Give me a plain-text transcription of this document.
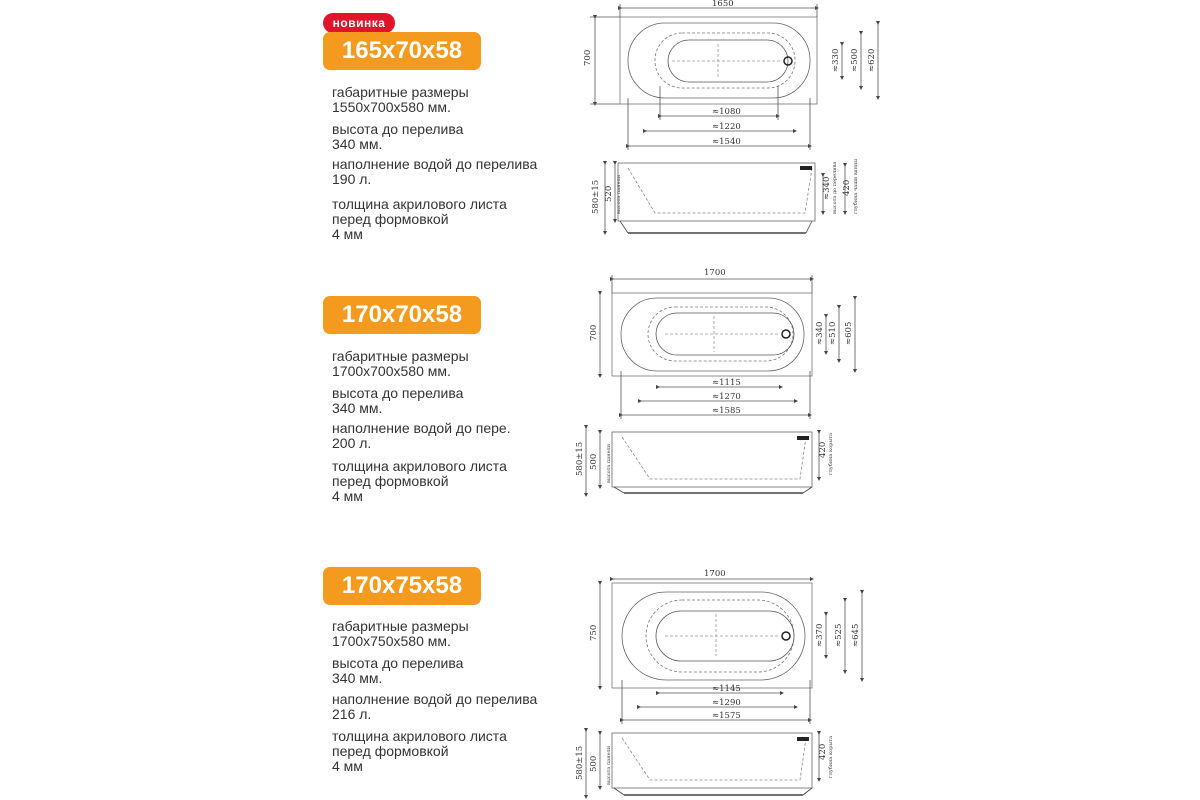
новинка
165x70x58
габаритные размеры
1550x700x580 мм.
высота до перелива
340 мм.
наполнение водой до перелива
190 л.
толщина акрилового листа
перед формовкой
4 мм
170x70x58
габаритные размеры
1700x700x580 мм.
высота до перелива
340 мм.
наполнение водой до пере.
200 л.
толщина акрилового листа
перед формовкой
4 мм
170x75x58
габаритные размеры
1700x750x580 мм.
высота до перелива
340 мм.
наполнение водой до перелива
216 л.
толщина акрилового листа
перед формовкой
4 мм
1650
700
≈1080
≈1220
≈1540
≈330 ≈500 ≈620
580±15 520 высота панели	≈340 высота до перелива 420 глубина чаши ванны
1700
700
≈1115
≈1270
≈1585
≈340 ≈510 ≈605
580±15 500 высота панели	420 глубина корыта
1700
750
≈1145
≈1290
≈1575
≈370 ≈525 ≈645
580±15 500 высота панели	420 глубина корыта
